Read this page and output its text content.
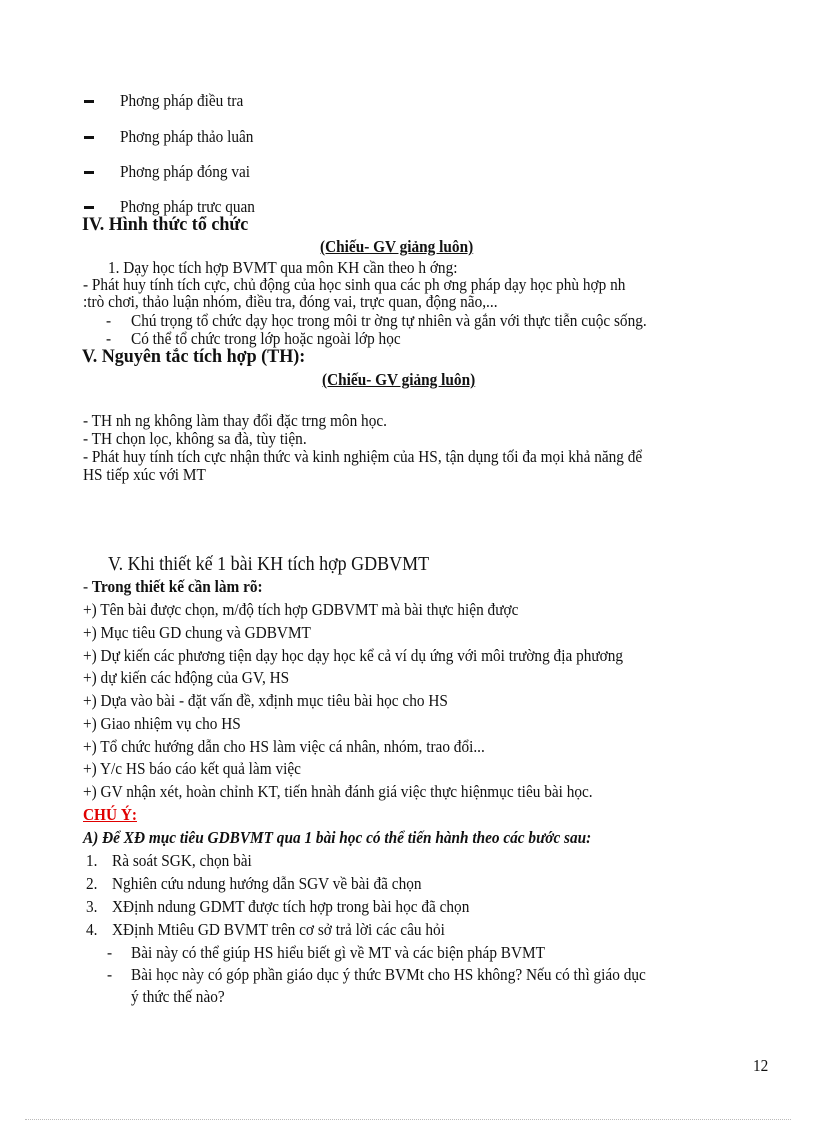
Phơng pháp điều tra
Phơng pháp thảo luân
Phơng pháp đóng vai
Phơng pháp trưc quan
IV. Hình thức tổ chức
(Chiếu- GV giảng luôn)
1. Dạy học tích hợp BVMT qua môn KH cần theo h ớng:
- Phát huy tính tích cực, chủ động của học sinh qua các ph ơng pháp dạy học phù hợp nh
:trò chơi, thảo luận nhóm, điều tra, đóng vai, trực quan, động não,...
- Chú trọng tổ chức dạy học trong môi tr ờng tự nhiên và gắn với thực tiễn cuộc sống.
- Có thể tổ chức trong lớp hoặc ngoài lớp học
V. Nguyên tắc tích hợp (TH):
(Chiếu- GV giảng luôn)
- TH nh ng không làm thay đổi đặc trng môn học.
- TH chọn lọc, không sa đà, tùy tiện.
- Phát huy tính tích cực nhận thức và kinh nghiệm của HS, tận dụng tối đa mọi khả năng để
HS tiếp xúc với MT
V. Khi thiết kế 1 bài KH tích hợp GDBVMT
- Trong thiết kế cần làm rõ:
+) Tên bài được chọn, m/độ tích hợp GDBVMT mà bài thực hiện được
+) Mục tiêu GD chung và GDBVMT
+) Dự kiến các phương tiện dạy học dạy học kể cả ví dụ ứng với môi trường địa phương
+) dự kiến các hđộng của GV, HS
+) Dựa vào bài - đặt vấn đề, xđịnh mục tiêu bài học cho HS
+) Giao nhiệm vụ cho HS
+) Tổ chức hướng dẫn cho HS làm việc cá nhân, nhóm, trao đổi...
+) Y/c HS báo cáo kết quả làm việc
+) GV nhận xét, hoàn chỉnh KT, tiến hnàh đánh giá việc thực hiệnmục tiêu bài học.
CHÚ Ý:
A) Để XĐ mục tiêu GDBVMT qua 1 bài học có thể tiến hành theo các bước sau:
1. Rà soát SGK, chọn bài
2. Nghiên cứu ndung hướng dẫn SGV về bài đã chọn
3. XĐịnh ndung GDMT được tích hợp trong bài học đã chọn
4. XĐịnh Mtiêu GD BVMT trên cơ sở trả lời các câu hỏi
- Bài này có thể giúp HS hiểu biết gì về MT và các biện pháp BVMT
- Bài học này có góp phần giáo dục ý thức BVMt cho HS không? Nếu có thì giáo dục
ý thức thế nào?
12
